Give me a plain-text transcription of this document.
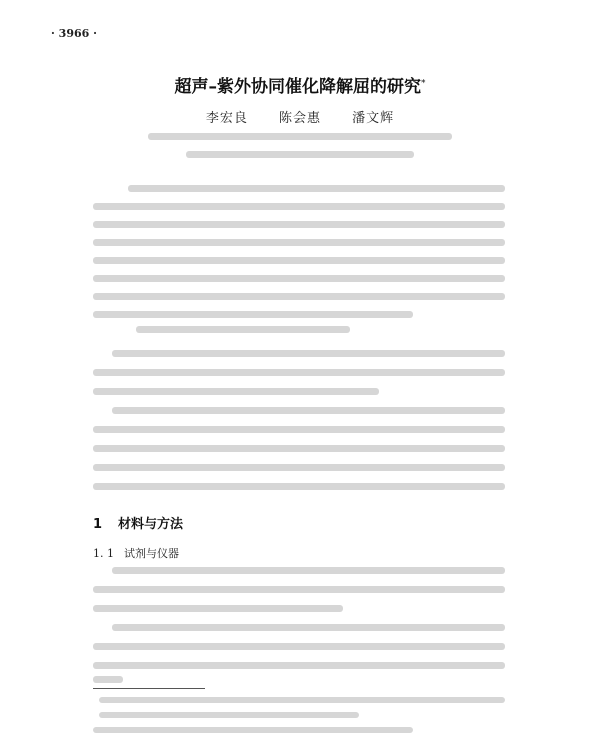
· 3966 ·
超声–紫外协同催化降解屈的研究*
李宏良 陈会惠 潘文辉
1 材料与方法
1. 1 试剂与仪器
